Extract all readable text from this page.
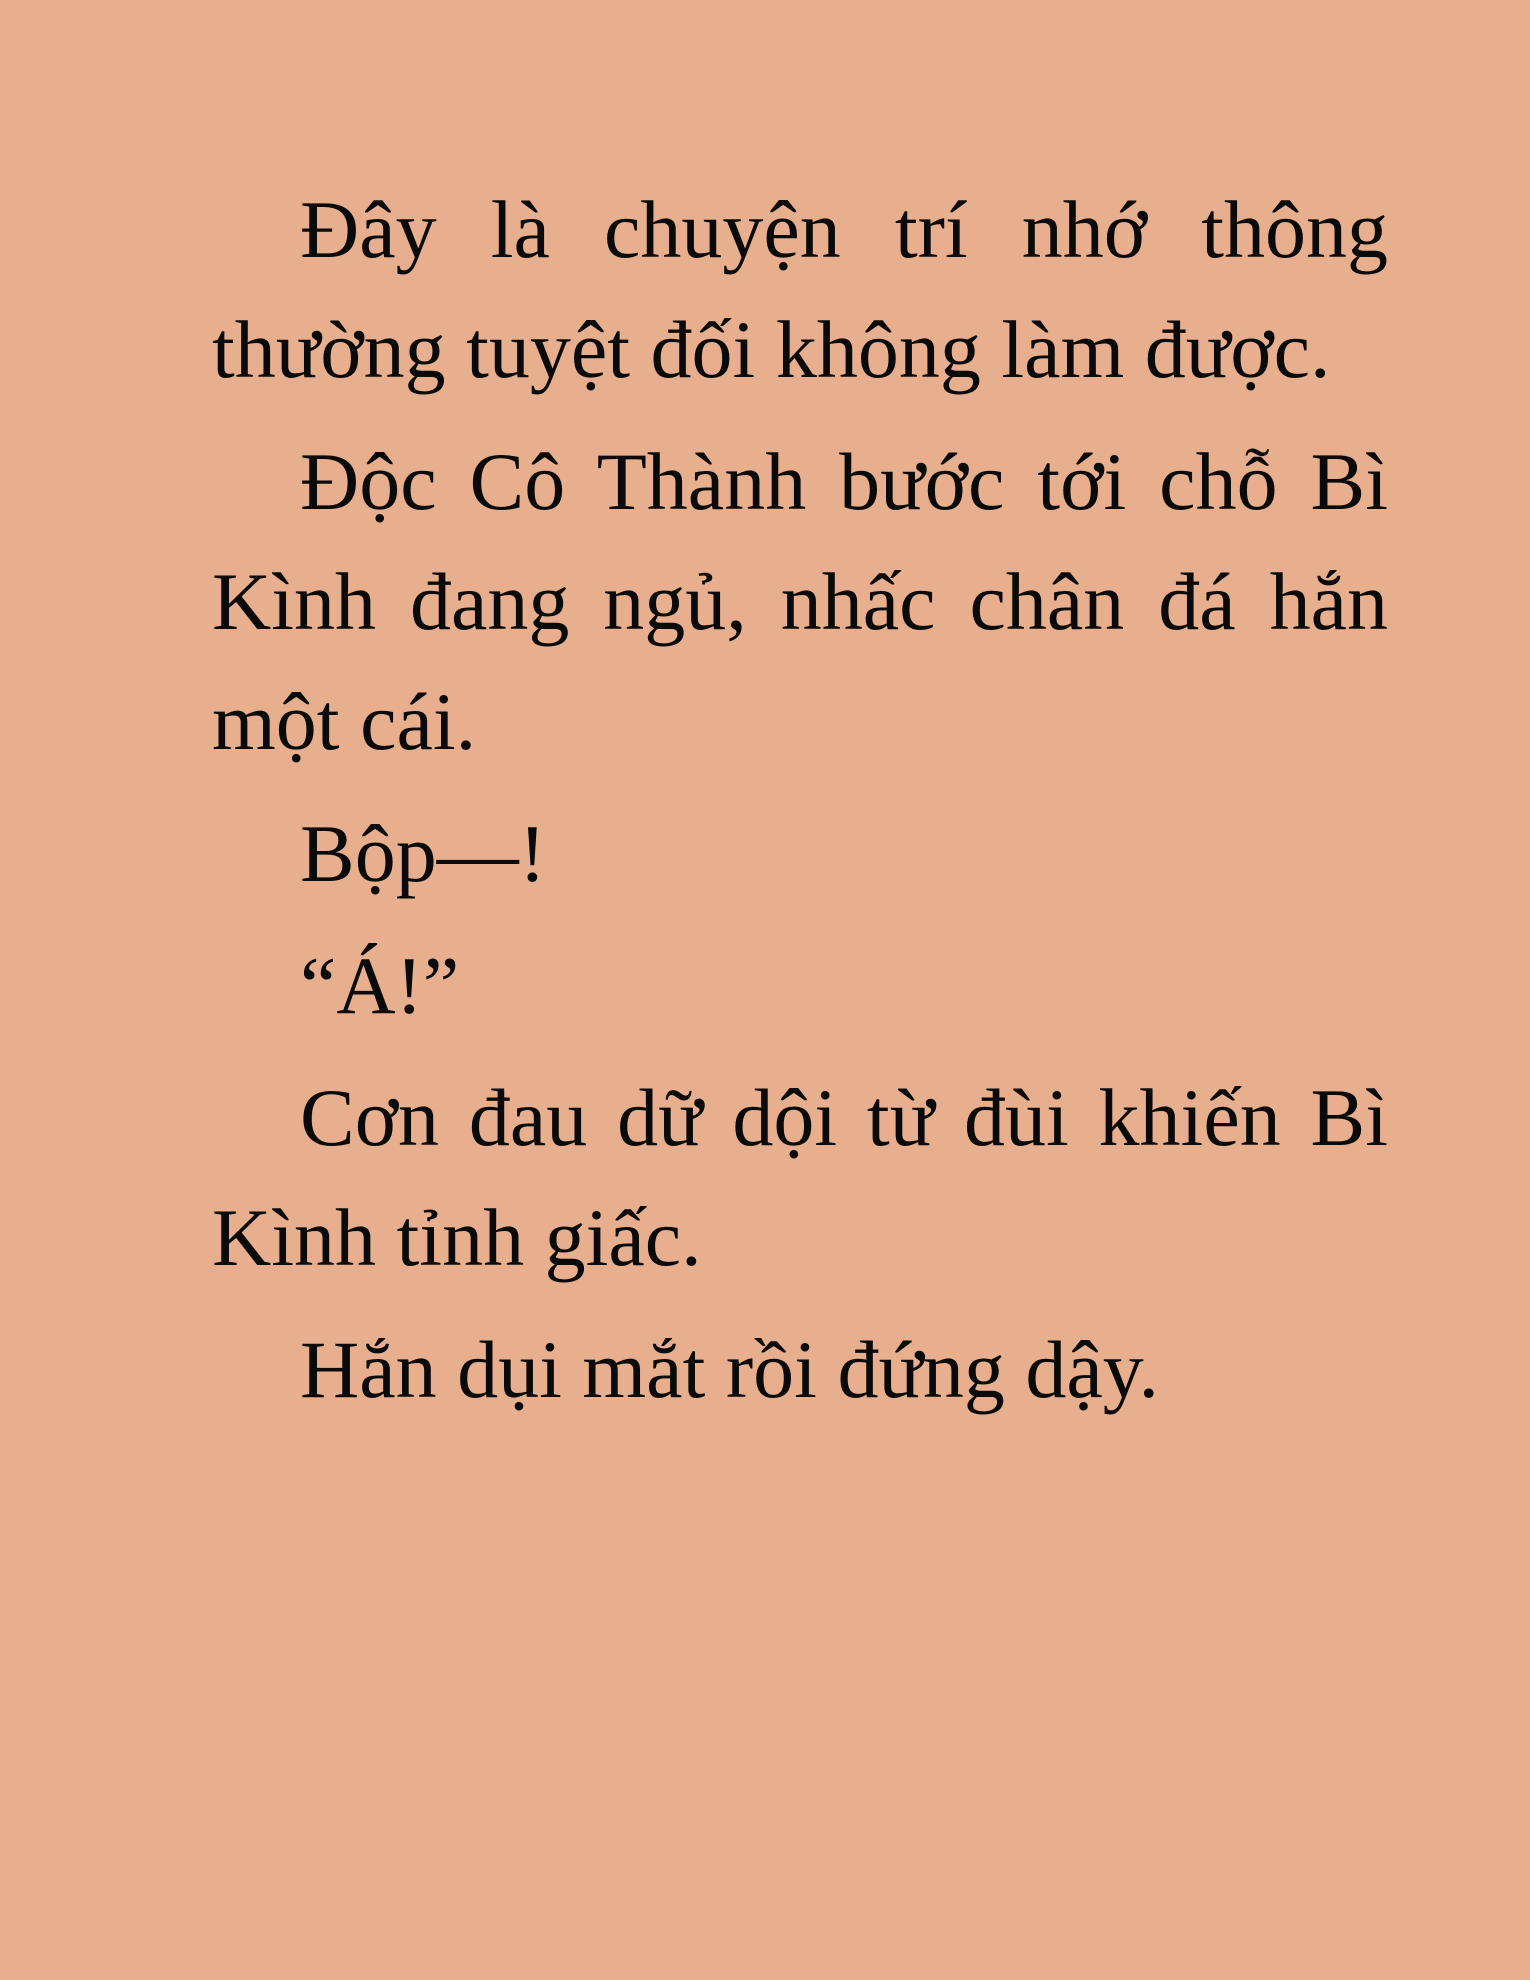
Đây là chuyện trí nhớ thông thường tuyệt đối không làm được.

Độc Cô Thành bước tới chỗ Bì Kình đang ngủ, nhấc chân đá hắn một cái.

Bộp—!

“Á!”

Cơn đau dữ dội từ đùi khiến Bì Kình tỉnh giấc.

Hắn dụi mắt rồi đứng dậy.
